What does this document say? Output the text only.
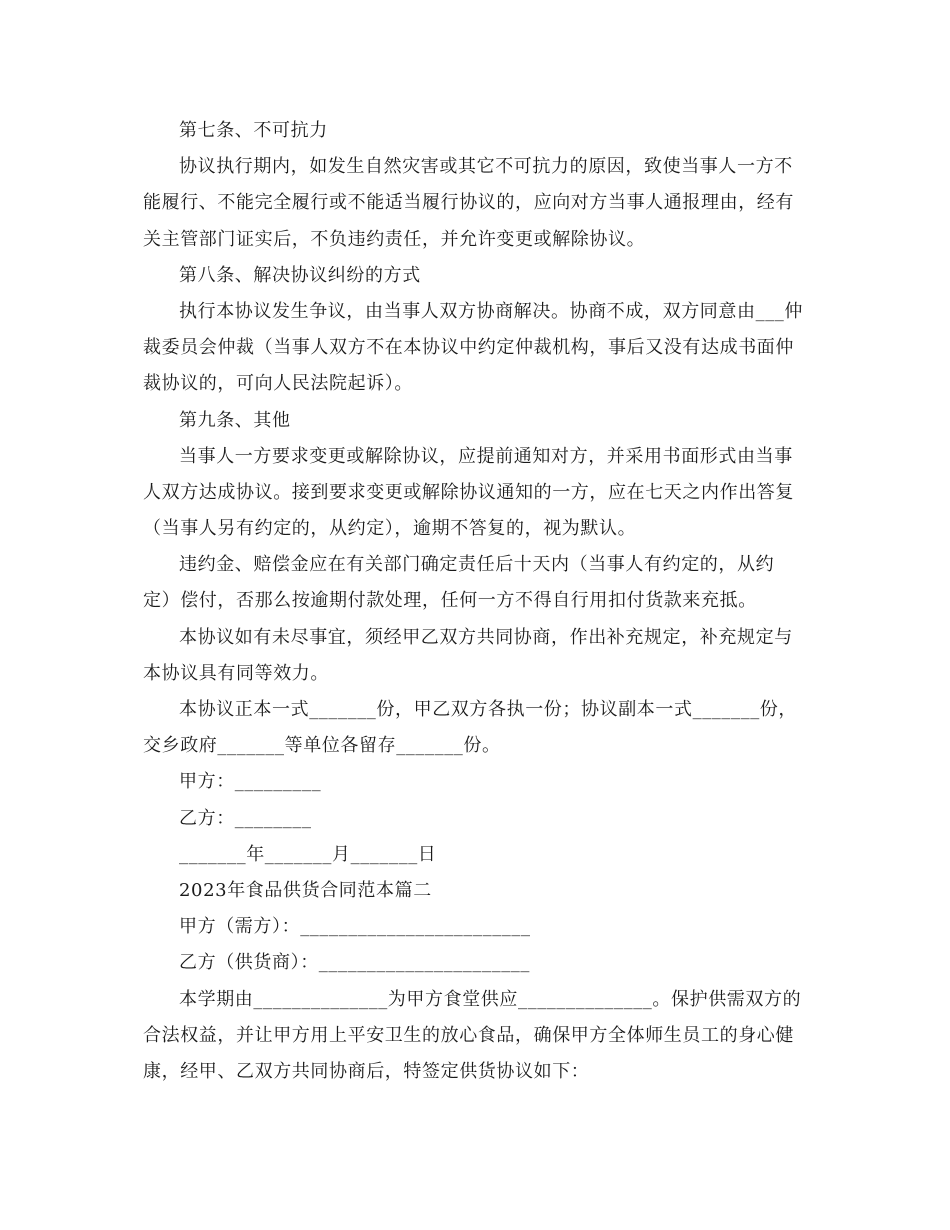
第七条、不可抗力
协议执行期内，如发生自然灾害或其它不可抗力的原因，致使当事人一方不
能履行、不能完全履行或不能适当履行协议的，应向对方当事人通报理由，经有
关主管部门证实后，不负违约责任，并允许变更或解除协议。
第八条、解决协议纠纷的方式
执行本协议发生争议，由当事人双方协商解决。协商不成，双方同意由___仲
裁委员会仲裁（当事人双方不在本协议中约定仲裁机构，事后又没有达成书面仲
裁协议的，可向人民法院起诉）。
第九条、其他
当事人一方要求变更或解除协议，应提前通知对方，并采用书面形式由当事
人双方达成协议。接到要求变更或解除协议通知的一方，应在七天之内作出答复
（当事人另有约定的，从约定），逾期不答复的，视为默认。
违约金、赔偿金应在有关部门确定责任后十天内（当事人有约定的，从约
定）偿付，否那么按逾期付款处理，任何一方不得自行用扣付货款来充抵。
本协议如有未尽事宜，须经甲乙双方共同协商，作出补充规定，补充规定与
本协议具有同等效力。
本协议正本一式_______份，甲乙双方各执一份；协议副本一式_______份，
交乡政府_______等单位各留存_______份。
甲方：_________
乙方：________
_______年_______月_______日
2023年食品供货合同范本篇二
甲方（需方）：________________________
乙方（供货商）：______________________
本学期由______________为甲方食堂供应______________。保护供需双方的
合法权益，并让甲方用上平安卫生的放心食品，确保甲方全体师生员工的身心健
康，经甲、乙双方共同协商后，特签定供货协议如下：
